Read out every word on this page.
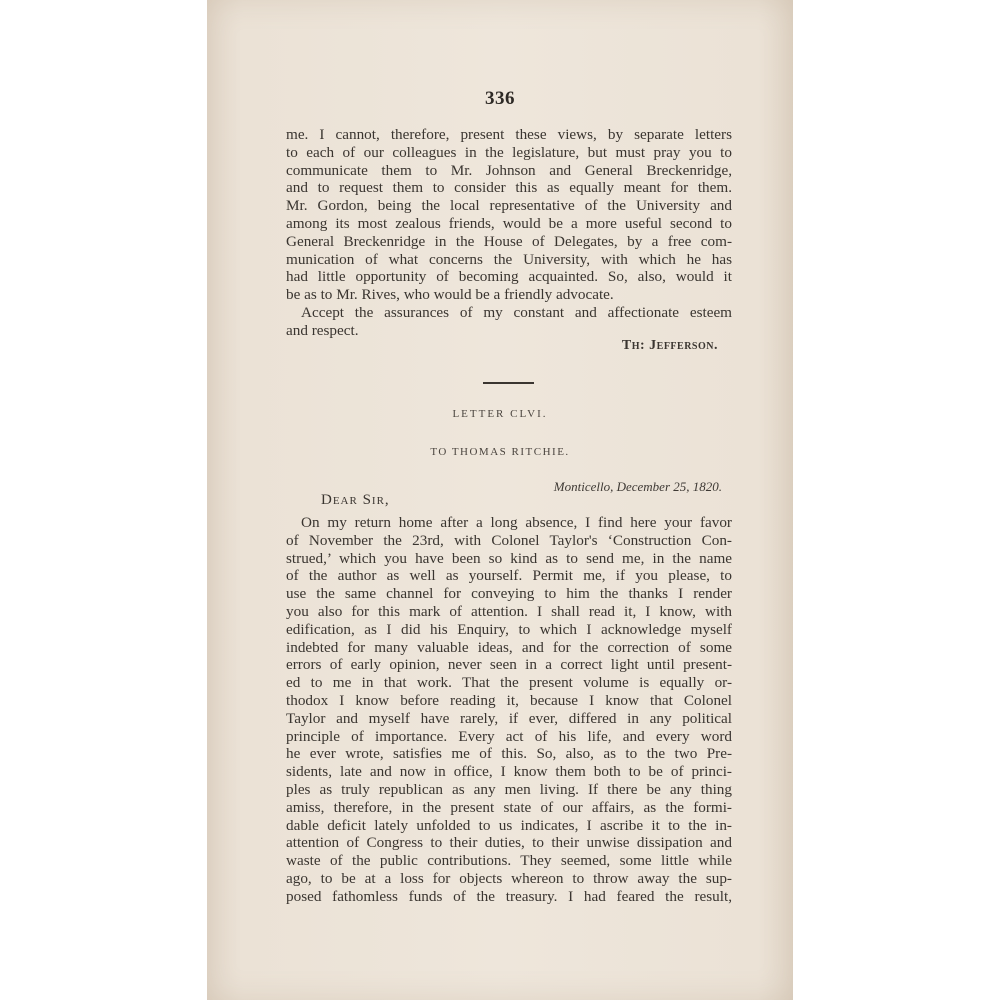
336
me. I cannot, therefore, present these views, by separate letters
to each of our colleagues in the legislature, but must pray you to
communicate them to Mr. Johnson and General Breckenridge,
and to request them to consider this as equally meant for them.
Mr. Gordon, being the local representative of the University and
among its most zealous friends, would be a more useful second to
General Breckenridge in the House of Delegates, by a free com-
munication of what concerns the University, with which he has
had little opportunity of becoming acquainted. So, also, would it
be as to Mr. Rives, who would be a friendly advocate.
Accept the assurances of my constant and affectionate esteem
and respect.
Th: Jefferson.
LETTER CLVI.
TO THOMAS RITCHIE.
Monticello, December 25, 1820.
Dear Sir,
On my return home after a long absence, I find here your favor
of November the 23rd, with Colonel Taylor's ‘Construction Con-
strued,’ which you have been so kind as to send me, in the name
of the author as well as yourself. Permit me, if you please, to
use the same channel for conveying to him the thanks I render
you also for this mark of attention. I shall read it, I know, with
edification, as I did his Enquiry, to which I acknowledge myself
indebted for many valuable ideas, and for the correction of some
errors of early opinion, never seen in a correct light until present-
ed to me in that work. That the present volume is equally or-
thodox I know before reading it, because I know that Colonel
Taylor and myself have rarely, if ever, differed in any political
principle of importance. Every act of his life, and every word
he ever wrote, satisfies me of this. So, also, as to the two Pre-
sidents, late and now in office, I know them both to be of princi-
ples as truly republican as any men living. If there be any thing
amiss, therefore, in the present state of our affairs, as the formi-
dable deficit lately unfolded to us indicates, I ascribe it to the in-
attention of Congress to their duties, to their unwise dissipation and
waste of the public contributions. They seemed, some little while
ago, to be at a loss for objects whereon to throw away the sup-
posed fathomless funds of the treasury. I had feared the result,
